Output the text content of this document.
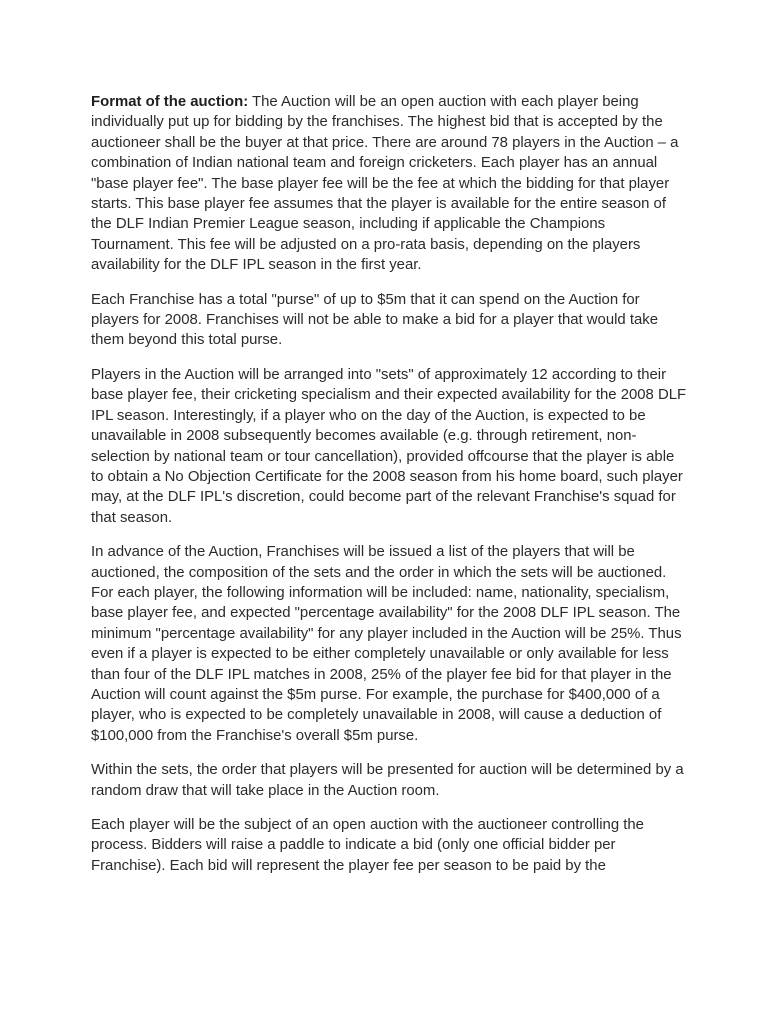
Format of the auction: The Auction will be an open auction with each player being individually put up for bidding by the franchises. The highest bid that is accepted by the auctioneer shall be the buyer at that price. There are around 78 players in the Auction – a combination of Indian national team and foreign cricketers. Each player has an annual "base player fee". The base player fee will be the fee at which the bidding for that player starts. This base player fee assumes that the player is available for the entire season of the DLF Indian Premier League season, including if applicable the Champions Tournament. This fee will be adjusted on a pro-rata basis, depending on the players availability for the DLF IPL season in the first year.

Each Franchise has a total "purse" of up to $5m that it can spend on the Auction for players for 2008. Franchises will not be able to make a bid for a player that would take them beyond this total purse.

Players in the Auction will be arranged into "sets" of approximately 12 according to their base player fee, their cricketing specialism and their expected availability for the 2008 DLF IPL season. Interestingly, if a player who on the day of the Auction, is expected to be unavailable in 2008 subsequently becomes available (e.g. through retirement, non-selection by national team or tour cancellation), provided offcourse that the player is able to obtain a No Objection Certificate for the 2008 season from his home board, such player may, at the DLF IPL's discretion, could become part of the relevant Franchise's squad for that season.

In advance of the Auction, Franchises will be issued a list of the players that will be auctioned, the composition of the sets and the order in which the sets will be auctioned. For each player, the following information will be included: name, nationality, specialism, base player fee, and expected "percentage availability" for the 2008 DLF IPL season. The minimum "percentage availability" for any player included in the Auction will be 25%. Thus even if a player is expected to be either completely unavailable or only available for less than four of the DLF IPL matches in 2008, 25% of the player fee bid for that player in the Auction will count against the $5m purse. For example, the purchase for $400,000 of a player, who is expected to be completely unavailable in 2008, will cause a deduction of $100,000 from the Franchise's overall $5m purse.

Within the sets, the order that players will be presented for auction will be determined by a random draw that will take place in the Auction room.

Each player will be the subject of an open auction with the auctioneer controlling the process. Bidders will raise a paddle to indicate a bid (only one official bidder per Franchise). Each bid will represent the player fee per season to be paid by the
